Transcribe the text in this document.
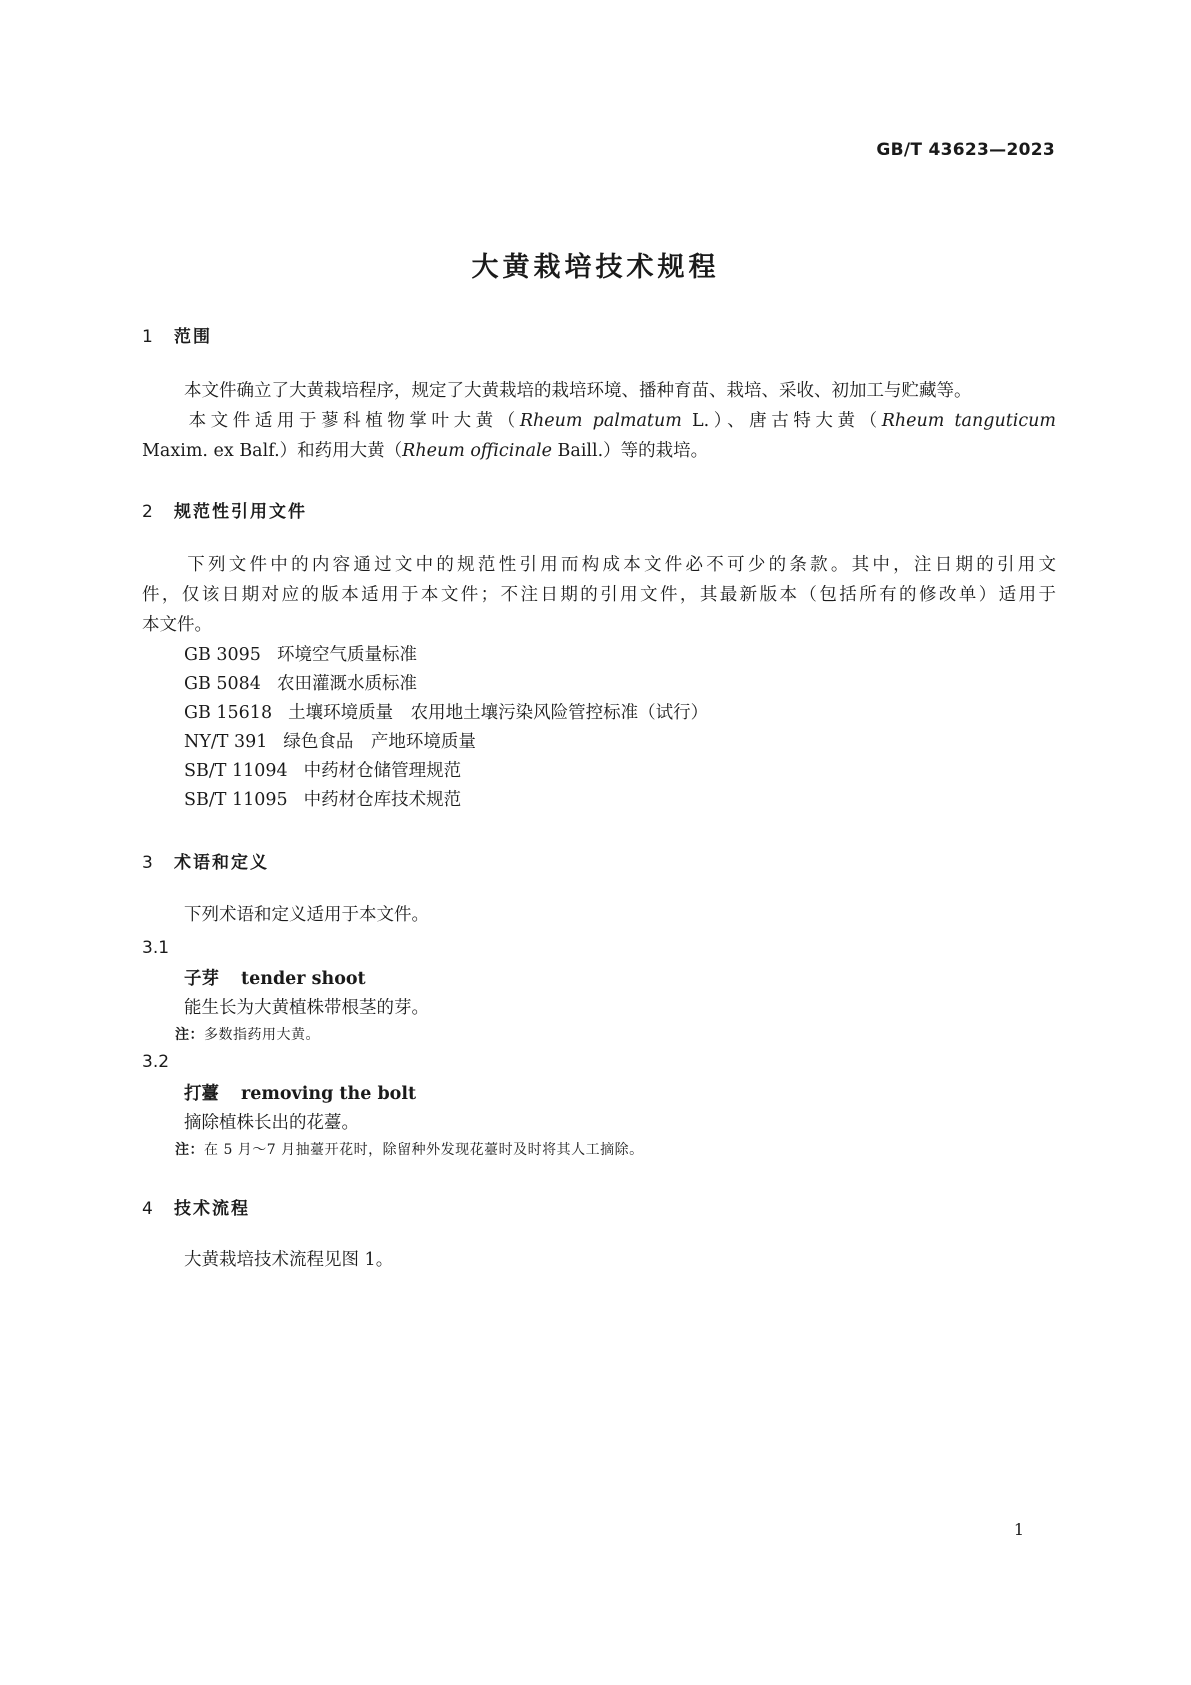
GB/T 43623—2023
大黄栽培技术规程
1 范围
本文件确立了大黄栽培程序，规定了大黄栽培的栽培环境、播种育苗、栽培、采收、初加工与贮藏等。
本文件适用于蓼科植物掌叶大黄（Rheum palmatum L.）、唐古特大黄（Rheum tanguticum
Maxim. ex Balf.）和药用大黄（Rheum officinale Baill.）等的栽培。
2 规范性引用文件
下列文件中的内容通过文中的规范性引用而构成本文件必不可少的条款。其中，注日期的引用文
件，仅该日期对应的版本适用于本文件；不注日期的引用文件，其最新版本（包括所有的修改单）适用于
本文件。
GB 3095 环境空气质量标准
GB 5084 农田灌溉水质标准
GB 15618 土壤环境质量　农用地土壤污染风险管控标准（试行）
NY/T 391 绿色食品　产地环境质量
SB/T 11094 中药材仓储管理规范
SB/T 11095 中药材仓库技术规范
3 术语和定义
下列术语和定义适用于本文件。
3.1
子芽 tender shoot
能生长为大黄植株带根茎的芽。
注：多数指药用大黄。
3.2
打薹 removing the bolt
摘除植株长出的花薹。
注：在 5 月～7 月抽薹开花时，除留种外发现花薹时及时将其人工摘除。
4 技术流程
大黄栽培技术流程见图 1。
1
